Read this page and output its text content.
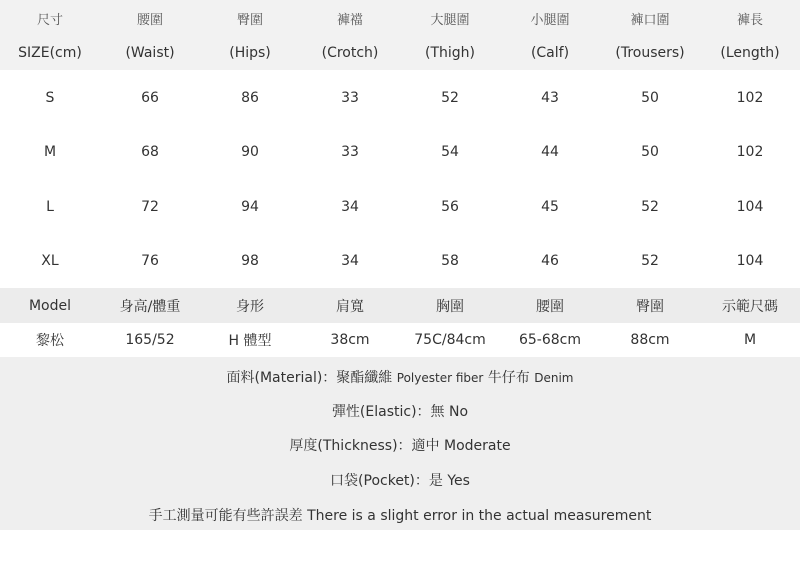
尺寸	腰圍	臀圍	褲襠	大腿圍	小腿圍	褲口圍	褲長
SIZE(cm)	(Waist)	(Hips)	(Crotch)	(Thigh)	(Calf)	(Trousers)	(Length)
S	66	86	33	52	43	50	102
M	68	90	33	54	44	50	102
L	72	94	34	56	45	52	104
XL	76	98	34	58	46	52	104
Model	身高/體重	身形	肩寬	胸圍	腰圍	臀圍	示範尺碼
黎松	165/52	H 體型	38cm	75C/84cm	65-68cm	88cm	M
面料(Material)：聚酯纖維 Polyester fiber 牛仔布 Denim
彈性(Elastic)：無 No
厚度(Thickness)：適中 Moderate
口袋(Pocket)：是 Yes
手工測量可能有些許誤差 There is a slight error in the actual measurement
